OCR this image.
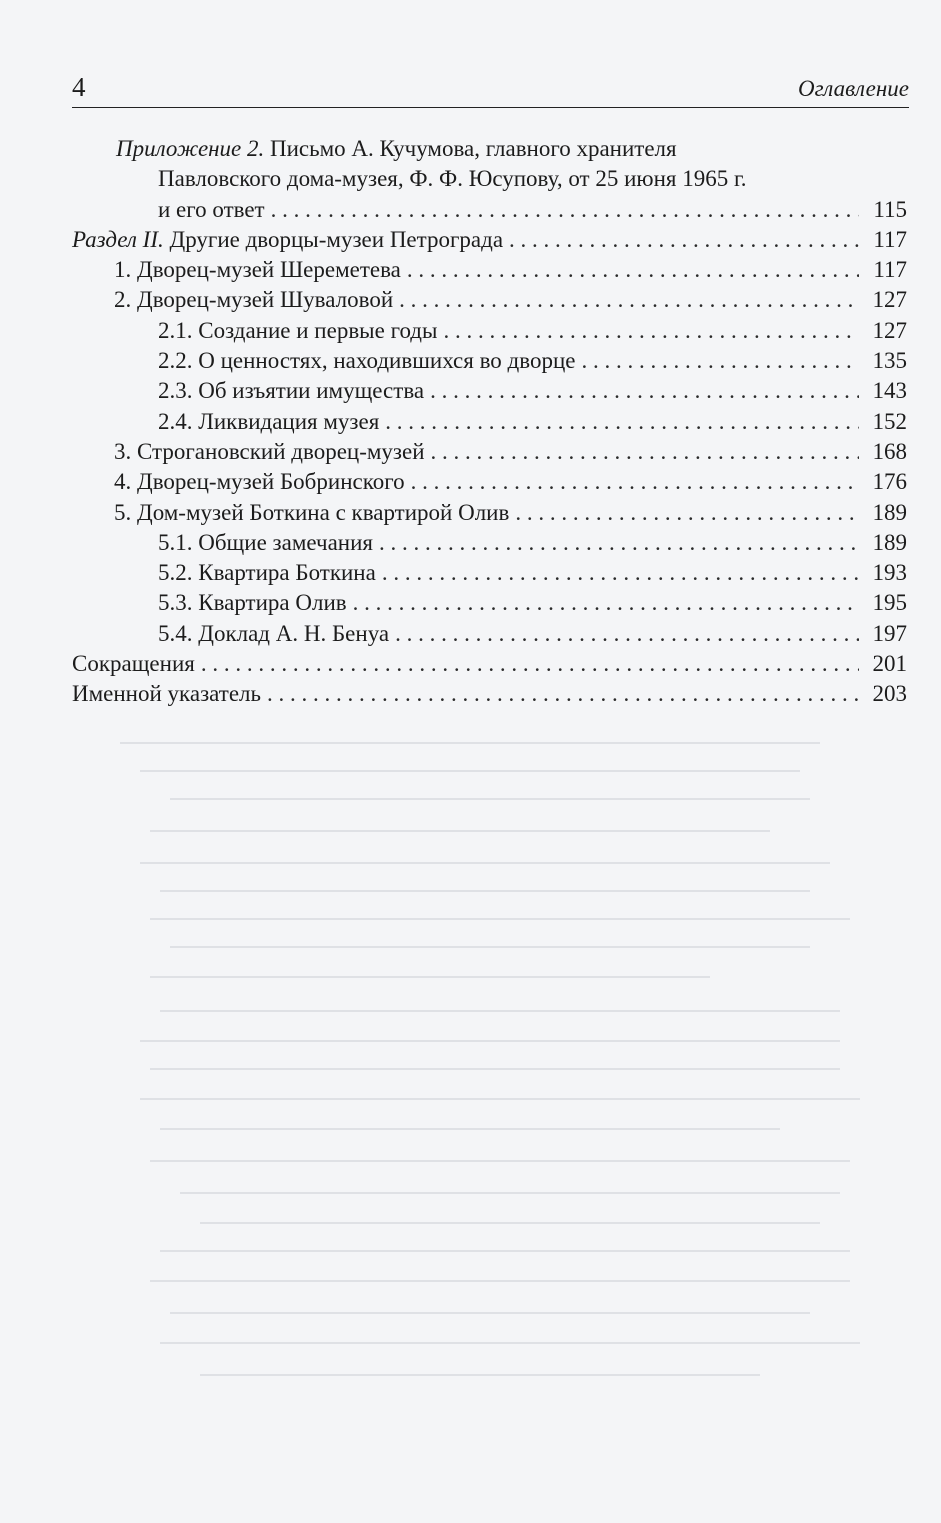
4	Оглавление
Приложение 2. Письмо А. Кучумова, главного хранителя
Павловского дома-музея, Ф. Ф. Юсупову, от 25 июня 1965 г.
и его ответ . . .	115
Раздел II. Другие дворцы-музеи Петрограда . . .	117
1. Дворец-музей Шереметева . . .	117
2. Дворец-музей Шуваловой . . .	127
2.1. Создание и первые годы . . .	127
2.2. О ценностях, находившихся во дворце . . .	135
2.3. Об изъятии имущества . . .	143
2.4. Ликвидация музея . . .	152
3. Строгановский дворец-музей . . .	168
4. Дворец-музей Бобринского . . .	176
5. Дом-музей Боткина с квартирой Олив . . .	189
5.1. Общие замечания . . .	189
5.2. Квартира Боткина . . .	193
5.3. Квартира Олив . . .	195
5.4. Доклад А. Н. Бенуа . . .	197
Сокращения . . .	201
Именной указатель . . .	203
